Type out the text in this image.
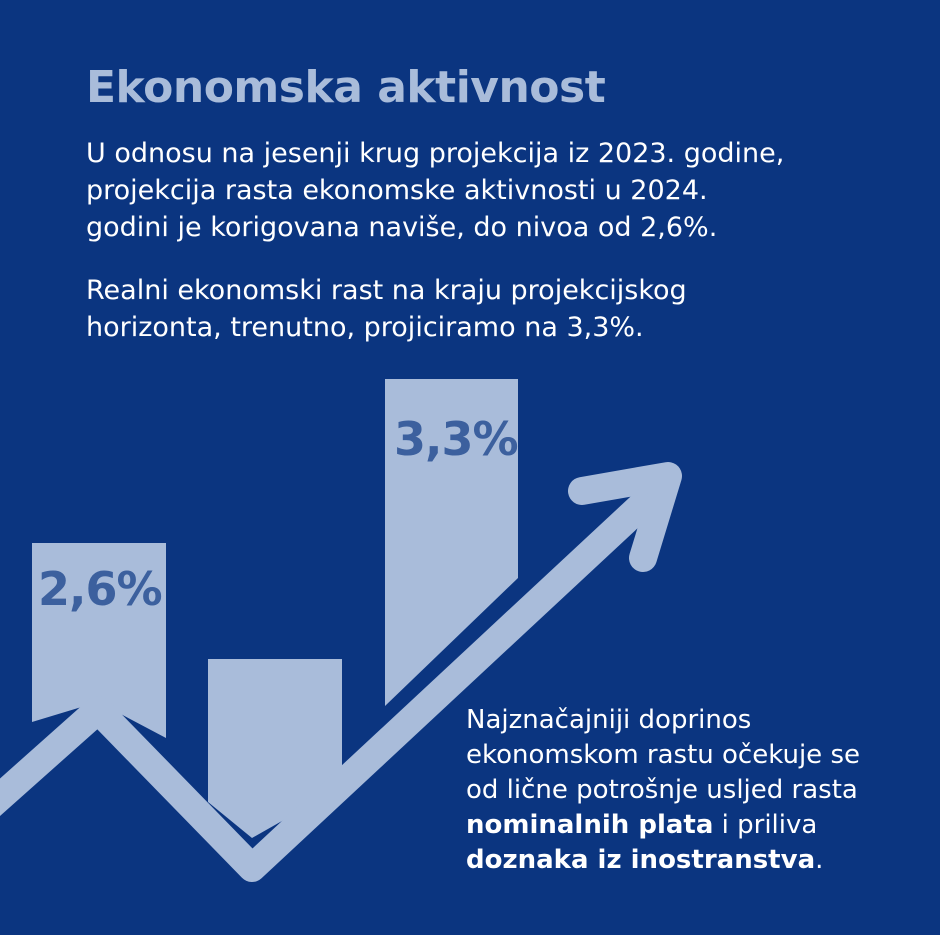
Ekonomska aktivnost
U odnosu na jesenji krug projekcija iz 2023. godine,
projekcija rasta ekonomske aktivnosti u 2024.
godini je korigovana naviše, do nivoa od 2,6%.
Realni ekonomski rast na kraju projekcijskog
horizonta, trenutno, projiciramo na 3,3%.
2,6%
3,3%
Najznačajniji doprinos
ekonomskom rastu očekuje se
od lične potrošnje usljed rasta
nominalnih plata i priliva
doznaka iz inostranstva.
